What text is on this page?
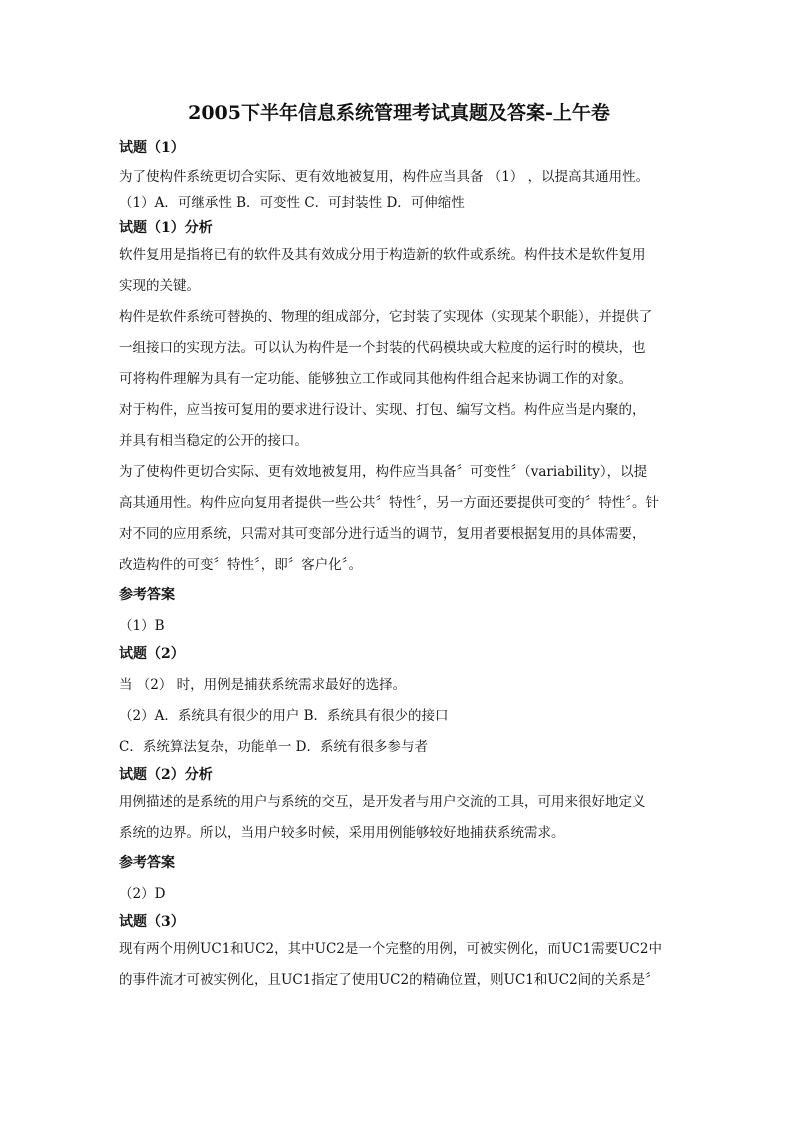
2005下半年信息系统管理考试真题及答案-上午卷
试题（1）
为了使构件系统更切合实际、更有效地被复用，构件应当具备 （1） ，以提高其通用性。
（1）A．可继承性 B．可变性 C．可封装性 D．可伸缩性
试题（1）分析
软件复用是指将已有的软件及其有效成分用于构造新的软件或系统。构件技术是软件复用
实现的关键。
构件是软件系统可替换的、物理的组成部分，它封装了实现体（实现某个职能），并提供了
一组接口的实现方法。可以认为构件是一个封装的代码模块或大粒度的运行时的模块，也
可将构件理解为具有一定功能、能够独立工作或同其他构件组合起来协调工作的对象。
对于构件，应当按可复用的要求进行设计、实现、打包、编写文档。构件应当是内聚的，
并具有相当稳定的公开的接口。
为了使构件更切合实际、更有效地被复用，构件应当具备〞可变性〞（variability），以提
高其通用性。构件应向复用者提供一些公共〞特性〞，另一方面还要提供可变的〞特性〞。针
对不同的应用系统，只需对其可变部分进行适当的调节，复用者要根据复用的具体需要，
改造构件的可变〞特性〞，即〞客户化〞。
参考答案
（1）B
试题（2）
当 （2） 时，用例是捕获系统需求最好的选择。
（2）A．系统具有很少的用户 B．系统具有很少的接口
C．系统算法复杂，功能单一 D．系统有很多参与者
试题（2）分析
用例描述的是系统的用户与系统的交互，是开发者与用户交流的工具，可用来很好地定义
系统的边界。所以，当用户较多时候，采用用例能够较好地捕获系统需求。
参考答案
（2）D
试题（3）
现有两个用例UC1和UC2，其中UC2是一个完整的用例，可被实例化，而UC1需要UC2中
的事件流才可被实例化，且UC1指定了使用UC2的精确位置，则UC1和UC2间的关系是〞
